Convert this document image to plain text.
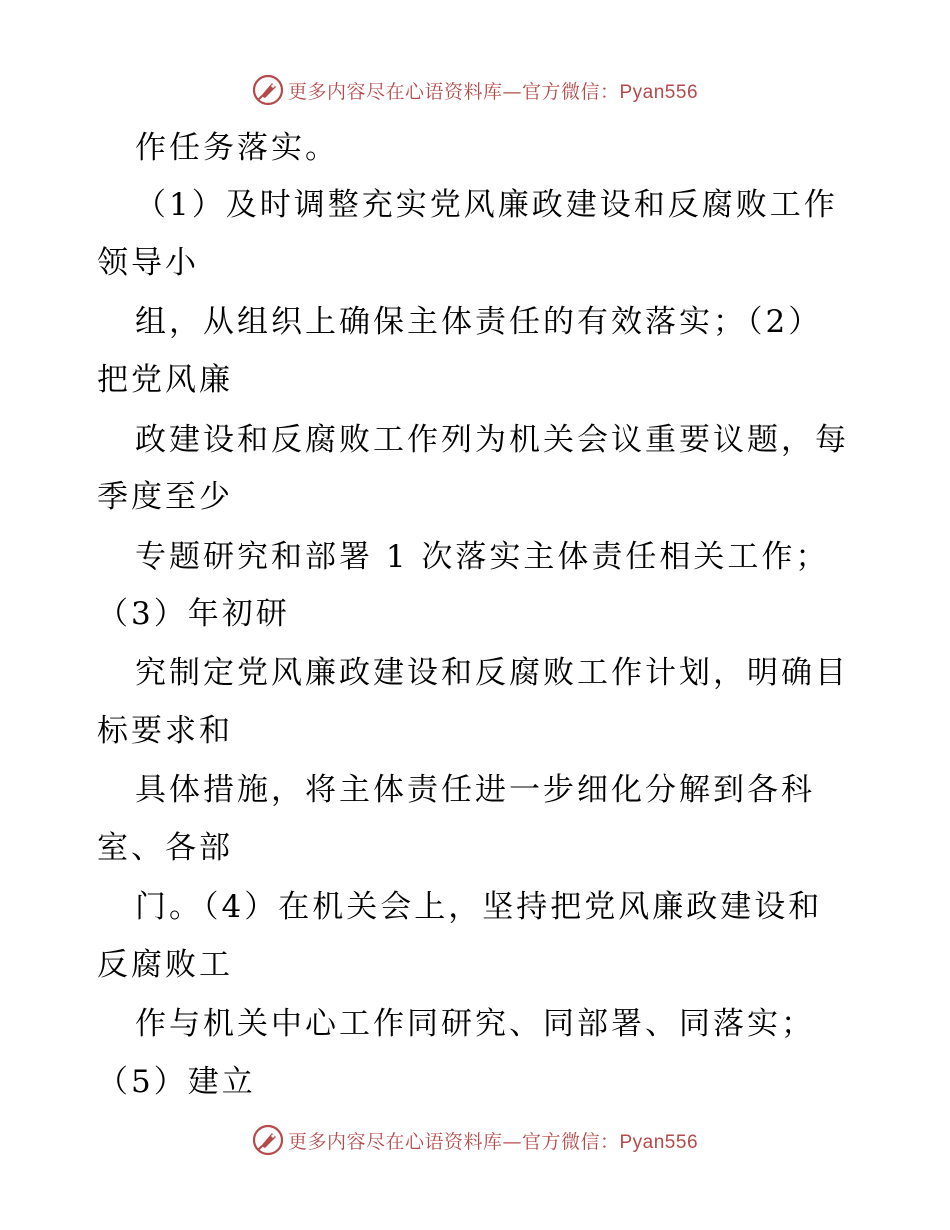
更多内容尽在心语资料库—官方微信：Pyan556
作任务落实。
（1）及时调整充实党风廉政建设和反腐败工作
领导小
组，从组织上确保主体责任的有效落实；（2）
把党风廉
政建设和反腐败工作列为机关会议重要议题，每
季度至少
专题研究和部署 1 次落实主体责任相关工作；
（3）年初研
究制定党风廉政建设和反腐败工作计划，明确目
标要求和
具体措施，将主体责任进一步细化分解到各科
室、各部
门。（4）在机关会上，坚持把党风廉政建设和
反腐败工
作与机关中心工作同研究、同部署、同落实；
（5）建立
更多内容尽在心语资料库—官方微信：Pyan556
